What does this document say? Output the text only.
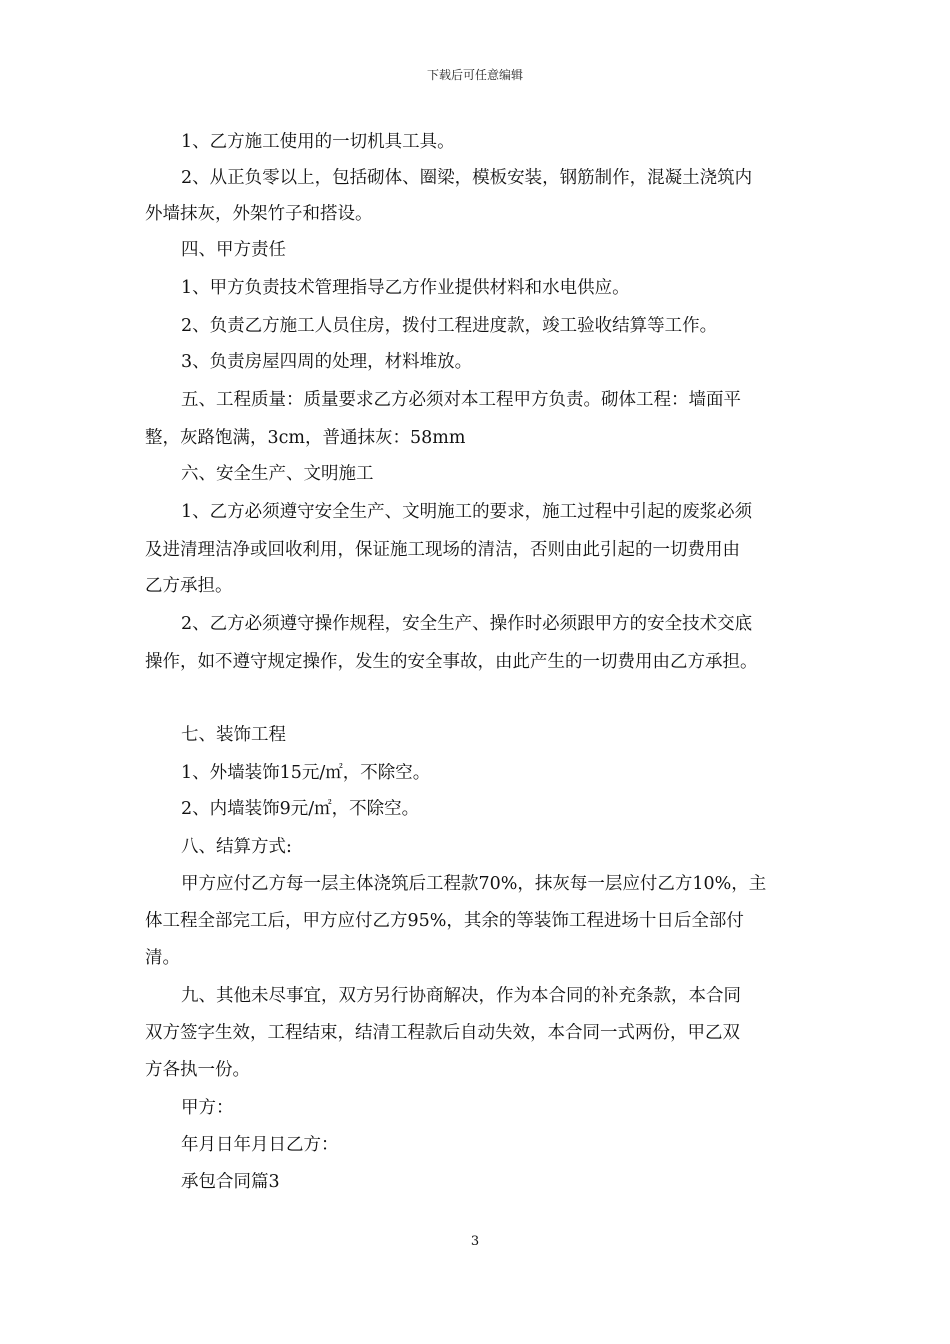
下载后可任意编辑
1、乙方施工使用的一切机具工具。
2、从正负零以上，包括砌体、圈梁，模板安装，钢筋制作，混凝土浇筑内
外墙抹灰，外架竹子和搭设。
四、甲方责任
1、甲方负责技术管理指导乙方作业提供材料和水电供应。
2、负责乙方施工人员住房，拨付工程进度款，竣工验收结算等工作。
3、负责房屋四周的处理，材料堆放。
五、工程质量：质量要求乙方必须对本工程甲方负责。砌体工程：墙面平
整，灰路饱满，3cm，普通抹灰：58mm
六、安全生产、文明施工
1、乙方必须遵守安全生产、文明施工的要求，施工过程中引起的废浆必须
及进清理洁净或回收利用，保证施工现场的清洁，否则由此引起的一切费用由
乙方承担。
2、乙方必须遵守操作规程，安全生产、操作时必须跟甲方的安全技术交底
操作，如不遵守规定操作，发生的安全事故，由此产生的一切费用由乙方承担。
七、装饰工程
1、外墙装饰15元/㎡，不除空。
2、内墙装饰9元/㎡，不除空。
八、结算方式:
甲方应付乙方每一层主体浇筑后工程款70%，抹灰每一层应付乙方10%，主
体工程全部完工后，甲方应付乙方95%，其余的等装饰工程进场十日后全部付
清。
九、其他未尽事宜，双方另行协商解决，作为本合同的补充条款，本合同
双方签字生效，工程结束，结清工程款后自动失效，本合同一式两份，甲乙双
方各执一份。
甲方：
年月日年月日乙方：
承包合同篇3
3
